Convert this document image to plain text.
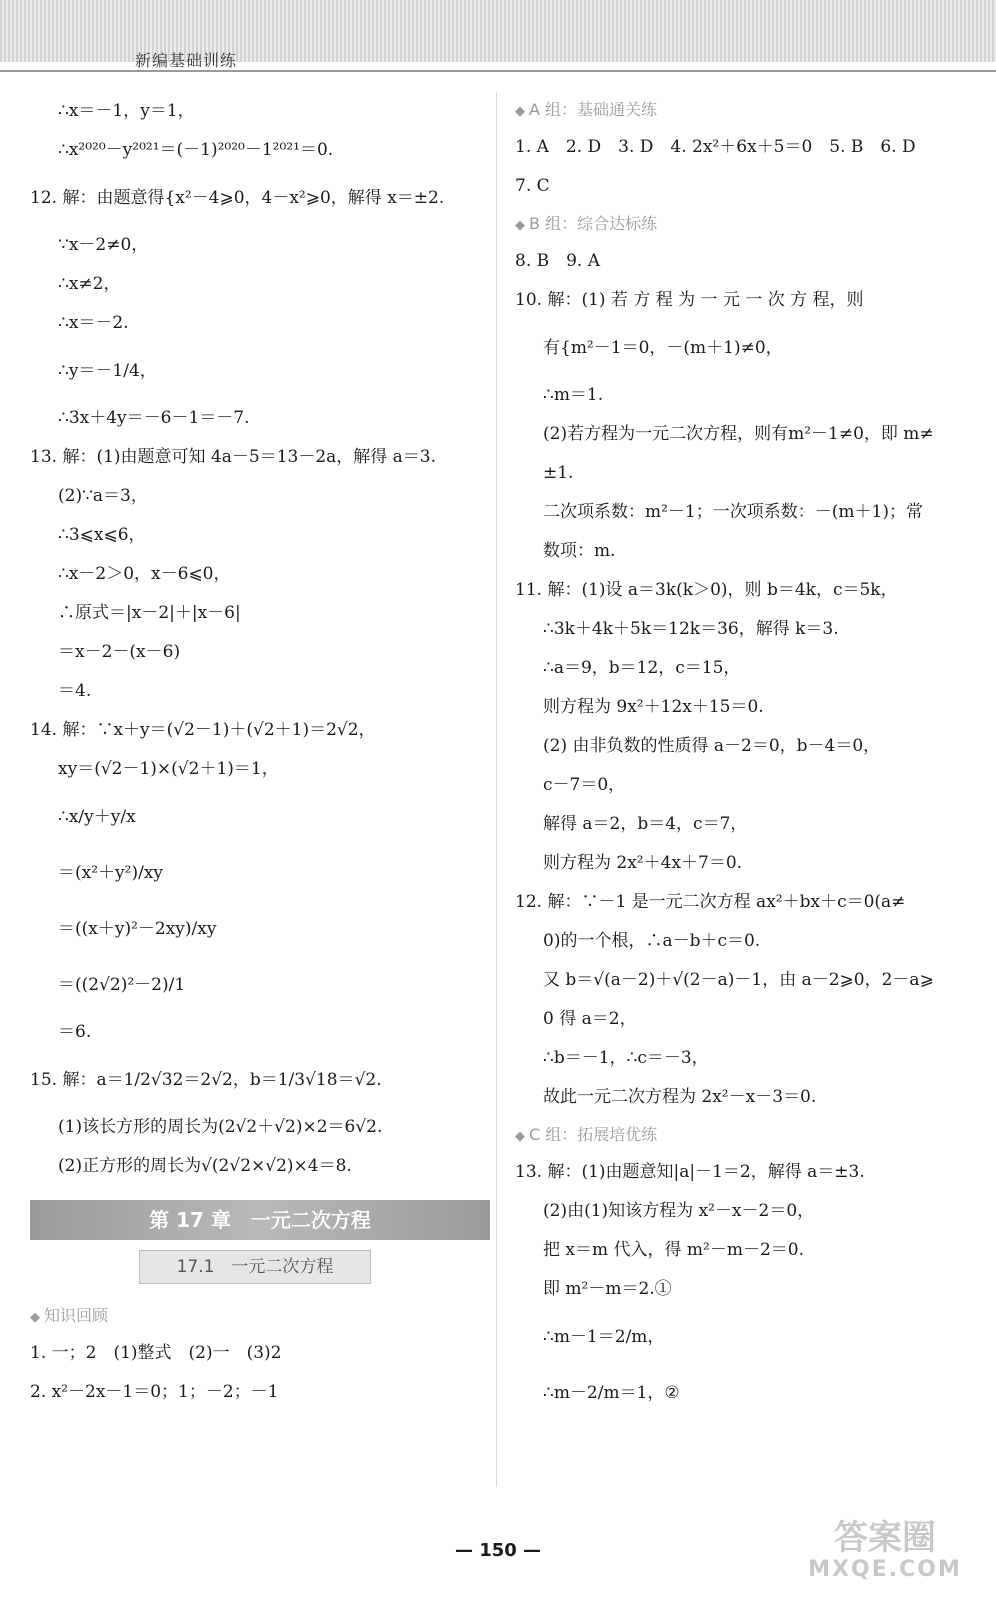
新编基础训练
∴x＝－1，y＝1，
∴x²⁰²⁰－y²⁰²¹＝(－1)²⁰²⁰－1²⁰²¹＝0.
12. 解：由题意得{x²－4⩾0，4－x²⩾0，解得 x＝±2.
∵x－2≠0，
∴x≠2，
∴x＝－2.
∴y＝－1/4，
∴3x＋4y＝－6－1＝－7.
13. 解：(1)由题意可知 4a－5＝13－2a，解得 a＝3.
(2)∵a＝3，
∴3⩽x⩽6，
∴x－2＞0，x－6⩽0，
∴原式＝|x－2|＋|x－6|
＝x－2－(x－6)
＝4.
14. 解：∵x＋y＝(√2－1)＋(√2＋1)＝2√2，
xy＝(√2－1)×(√2＋1)＝1，
∴x/y＋y/x
＝(x²＋y²)/xy
＝((x＋y)²－2xy)/xy
＝((2√2)²－2)/1
＝6.
15. 解：a＝1/2√32＝2√2，b＝1/3√18＝√2.
(1)该长方形的周长为(2√2＋√2)×2＝6√2.
(2)正方形的周长为√(2√2×√2)×4＝8.
第 17 章　一元二次方程
17.1　一元二次方程
◆ 知识回顾
1. 一；2　(1)整式　(2)一　(3)2
2. x²－2x－1＝0；1；－2；－1
◆ A 组：基础通关练
1. A　2. D　3. D　4. 2x²＋6x＋5＝0　5. B　6. D
7. C
◆ B 组：综合达标练
8. B　9. A
10. 解：(1) 若 方 程 为 一 元 一 次 方 程，则
有{m²－1＝0，－(m＋1)≠0，
∴m＝1.
(2)若方程为一元二次方程，则有m²－1≠0，即 m≠
±1.
二次项系数：m²－1；一次项系数：－(m＋1)；常
数项：m.
11. 解：(1)设 a＝3k(k＞0)，则 b＝4k，c＝5k，
∴3k＋4k＋5k＝12k＝36，解得 k＝3.
∴a＝9，b＝12，c＝15，
则方程为 9x²＋12x＋15＝0.
(2) 由非负数的性质得 a－2＝0，b－4＝0，
c－7＝0，
解得 a＝2，b＝4，c＝7，
则方程为 2x²＋4x＋7＝0.
12. 解：∵－1 是一元二次方程 ax²＋bx＋c＝0(a≠
0)的一个根，∴a－b＋c＝0.
又 b＝√(a－2)＋√(2－a)－1，由 a－2⩾0，2－a⩾
0 得 a＝2，
∴b＝－1，∴c＝－3，
故此一元二次方程为 2x²－x－3＝0.
◆ C 组：拓展培优练
13. 解：(1)由题意知|a|－1＝2，解得 a＝±3.
(2)由(1)知该方程为 x²－x－2＝0，
把 x＝m 代入，得 m²－m－2＝0.
即 m²－m＝2.①
∴m－1＝2/m，
∴m－2/m＝1，②
— 150 —	答案圈
MXQE.COM
